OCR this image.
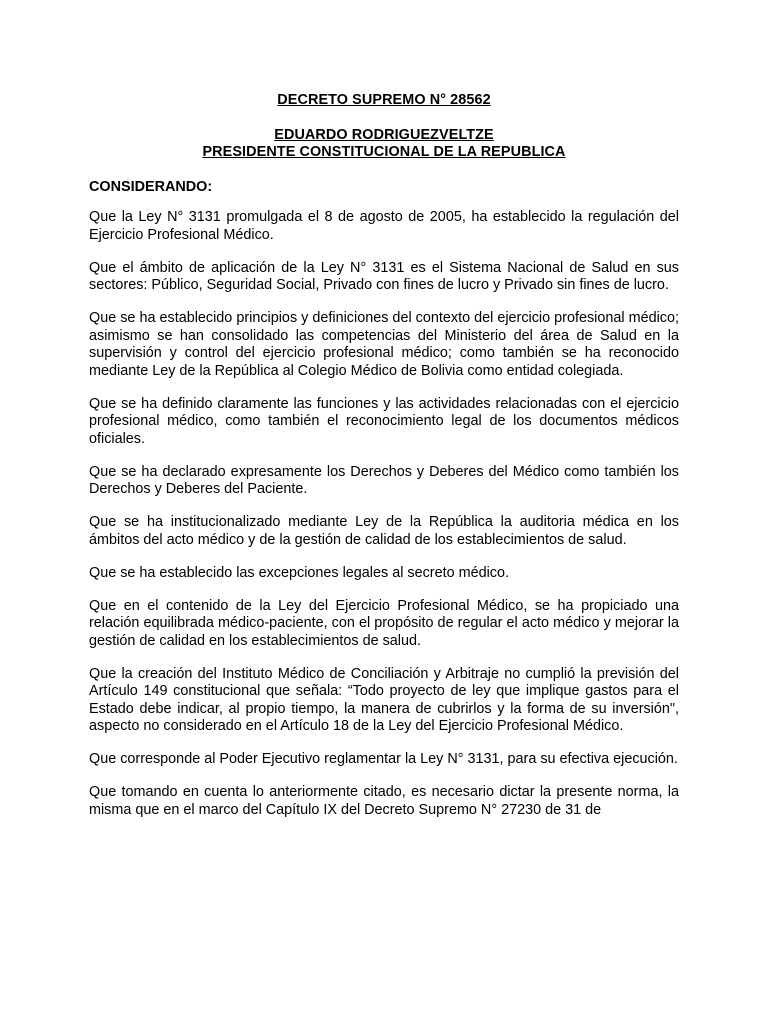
DECRETO SUPREMO N° 28562

EDUARDO RODRIGUEZVELTZE

PRESIDENTE CONSTITUCIONAL DE LA REPUBLICA

CONSIDERANDO:

Que la Ley N° 3131 promulgada el 8 de agosto de 2005, ha establecido la regulación del Ejercicio Profesional Médico.

Que el ámbito de aplicación de la Ley N° 3131 es el Sistema Nacional de Salud en sus sectores: Público, Seguridad Social, Privado con fines de lucro y Privado sin fines de lucro.

Que se ha establecido principios y definiciones del contexto del ejercicio profesional médico; asimismo se han consolidado las competencias del Ministerio del área de Salud en la supervisión y control del ejercicio profesional médico; como también se ha reconocido mediante Ley de la República al Colegio Médico de Bolivia como entidad colegiada.

Que se ha definido claramente las funciones y las actividades relacionadas con el ejercicio profesional médico, como también el reconocimiento legal de los documentos médicos oficiales.

Que se ha declarado expresamente los Derechos y Deberes del Médico como también los Derechos y Deberes del Paciente.

Que se ha institucionalizado mediante Ley de la República la auditoria médica en los ámbitos del acto médico y de la gestión de calidad de los establecimientos de salud.

Que se ha establecido las excepciones legales al secreto médico.

Que en el contenido de la Ley del Ejercicio Profesional Médico, se ha propiciado una relación equilibrada médico-paciente, con el propósito de regular el acto médico y mejorar la gestión de calidad en los establecimientos de salud.

Que la creación del Instituto Médico de Conciliación y Arbitraje no cumplió la previsión del Artículo 149 constitucional que señala: “Todo proyecto de ley que implique gastos para el Estado debe indicar, al propio tiempo, la manera de cubrirlos y la forma de su inversión", aspecto no considerado en el Artículo 18 de la Ley del Ejercicio Profesional Médico.

Que corresponde al Poder Ejecutivo reglamentar la Ley N° 3131, para su efectiva ejecución.

Que tomando en cuenta lo anteriormente citado, es necesario dictar la presente norma, la misma que en el marco del Capítulo IX del Decreto Supremo N° 27230 de 31 de
